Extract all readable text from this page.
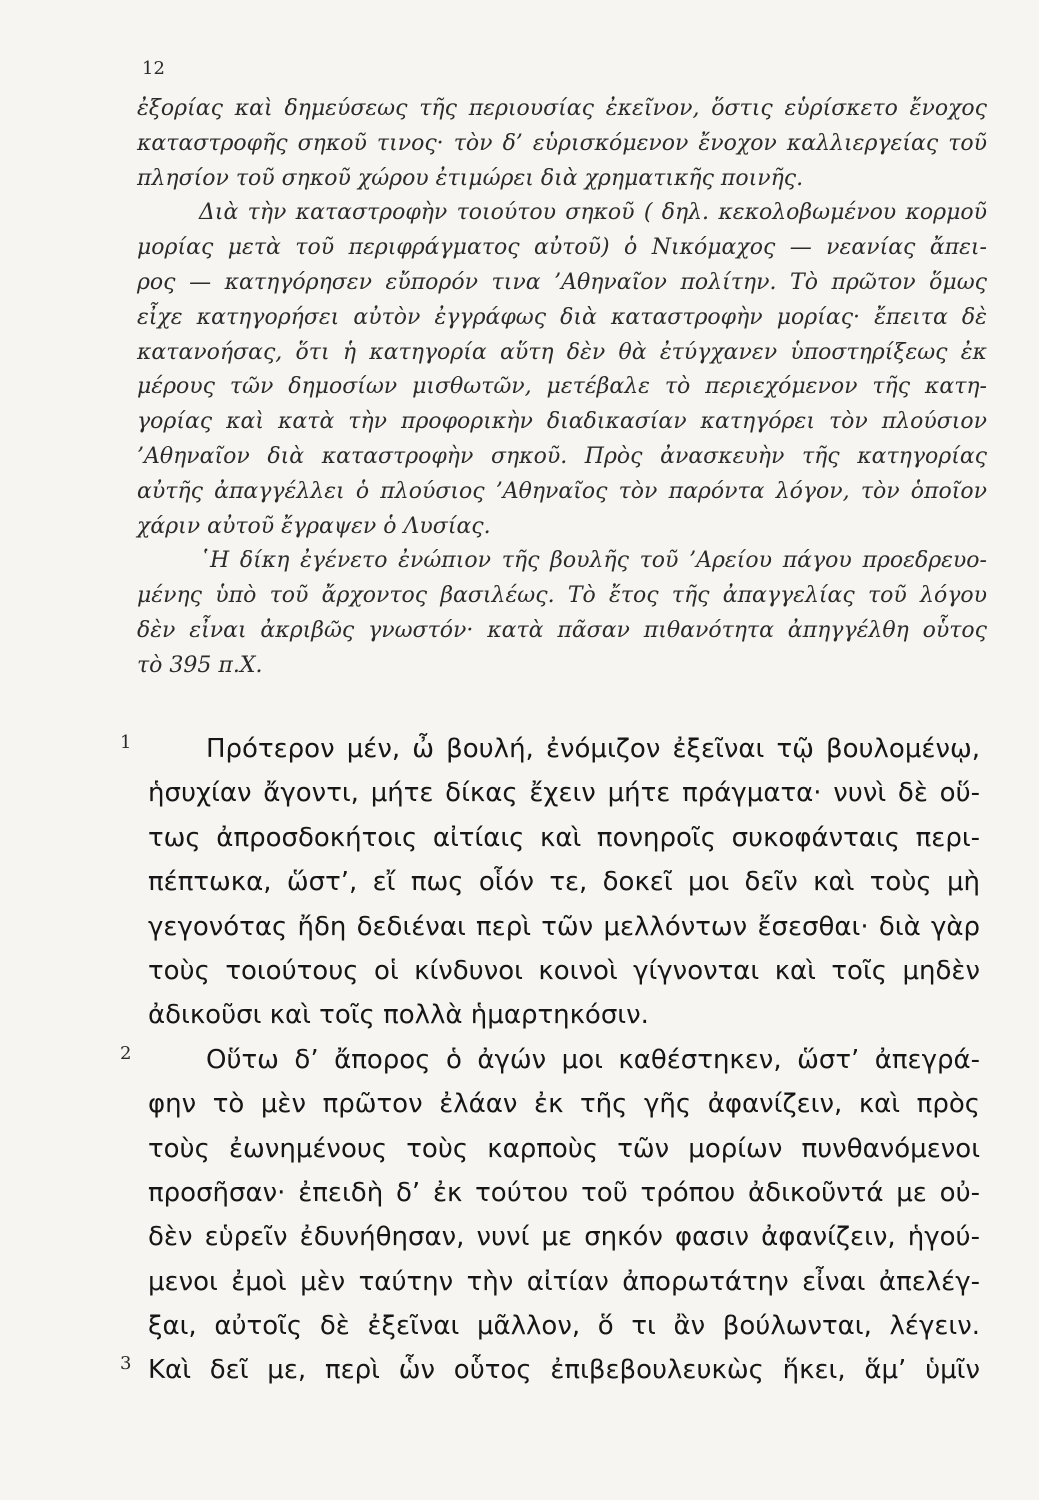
12
ἐξορίας καὶ δημεύσεως τῆς περιουσίας ἐκεῖνον, ὅστις εὑρίσκετο ἔνοχος
καταστροφῆς σηκοῦ τινος· τὸν δ’ εὑρισκόμενον ἔνοχον καλλιεργείας τοῦ
πλησίον τοῦ σηκοῦ χώρου ἐτιμώρει διὰ χρηματικῆς ποινῆς.
Διὰ τὴν καταστροφὴν τοιούτου σηκοῦ ( δηλ. κεκολοβωμένου κορμοῦ
μορίας μετὰ τοῦ περιφράγματος αὐτοῦ) ὁ Νικόμαχος — νεανίας ἄπει-
ρος — κατηγόρησεν εὔπορόν τινα ’Αθηναῖον πολίτην. Τὸ πρῶτον ὅμως
εἶχε κατηγορήσει αὐτὸν ἐγγράφως διὰ καταστροφὴν μορίας· ἔπειτα δὲ
κατανοήσας, ὅτι ἡ κατηγορία αὕτη δὲν θὰ ἐτύγχανεν ὑποστηρίξεως ἐκ
μέρους τῶν δημοσίων μισθωτῶν, μετέβαλε τὸ περιεχόμενον τῆς κατη-
γορίας καὶ κατὰ τὴν προφορικὴν διαδικασίαν κατηγόρει τὸν πλούσιον
’Αθηναῖον διὰ καταστροφὴν σηκοῦ. Πρὸς ἀνασκευὴν τῆς κατηγορίας
αὐτῆς ἀπαγγέλλει ὁ πλούσιος ’Αθηναῖος τὸν παρόντα λόγον, τὸν ὁποῖον
χάριν αὐτοῦ ἔγραψεν ὁ Λυσίας.
῾Η δίκη ἐγένετο ἐνώπιον τῆς βουλῆς τοῦ ’Αρείου πάγου προεδρευο-
μένης ὑπὸ τοῦ ἄρχοντος βασιλέως. Τὸ ἔτος τῆς ἀπαγγελίας τοῦ λόγου
δὲν εἶναι ἀκριβῶς γνωστόν· κατὰ πᾶσαν πιθανότητα ἀπηγγέλθη οὗτος
τὸ 395 π.Χ.
1	Πρότερον μέν, ὦ βουλή, ἐνόμιζον ἐξεῖναι τῷ βουλομένῳ,
ἡσυχίαν ἄγοντι, μήτε δίκας ἔχειν μήτε πράγματα· νυνὶ δὲ οὕ-
τως ἀπροσδοκήτοις αἰτίαις καὶ πονηροῖς συκοφάνταις περι-
πέπτωκα, ὥστ’, εἴ πως οἷόν τε, δοκεῖ μοι δεῖν καὶ τοὺς μὴ
γεγονότας ἤδη δεδιέναι περὶ τῶν μελλόντων ἔσεσθαι· διὰ γὰρ
τοὺς τοιούτους οἱ κίνδυνοι κοινοὶ γίγνονται καὶ τοῖς μηδὲν
ἀδικοῦσι καὶ τοῖς πολλὰ ἡμαρτηκόσιν.
2	Οὕτω δ’ ἄπορος ὁ ἀγών μοι καθέστηκεν, ὥστ’ ἀπεγρά-
φην τὸ μὲν πρῶτον ἐλάαν ἐκ τῆς γῆς ἀφανίζειν, καὶ πρὸς
τοὺς ἐωνημένους τοὺς καρποὺς τῶν μορίων πυνθανόμενοι
προσῆσαν· ἐπειδὴ δ’ ἐκ τούτου τοῦ τρόπου ἀδικοῦντά με οὐ-
δὲν εὑρεῖν ἐδυνήθησαν, νυνί με σηκόν φασιν ἀφανίζειν, ἡγού-
μενοι ἐμοὶ μὲν ταύτην τὴν αἰτίαν ἀπορωτάτην εἶναι ἀπελέγ-
ξαι, αὐτοῖς δὲ ἐξεῖναι μᾶλλον, ὅ τι ἂν βούλωνται, λέγειν.
3 Καὶ δεῖ με, περὶ ὧν οὗτος ἐπιβεβουλευκὼς ἥκει, ἅμ’ ὑμῖν
